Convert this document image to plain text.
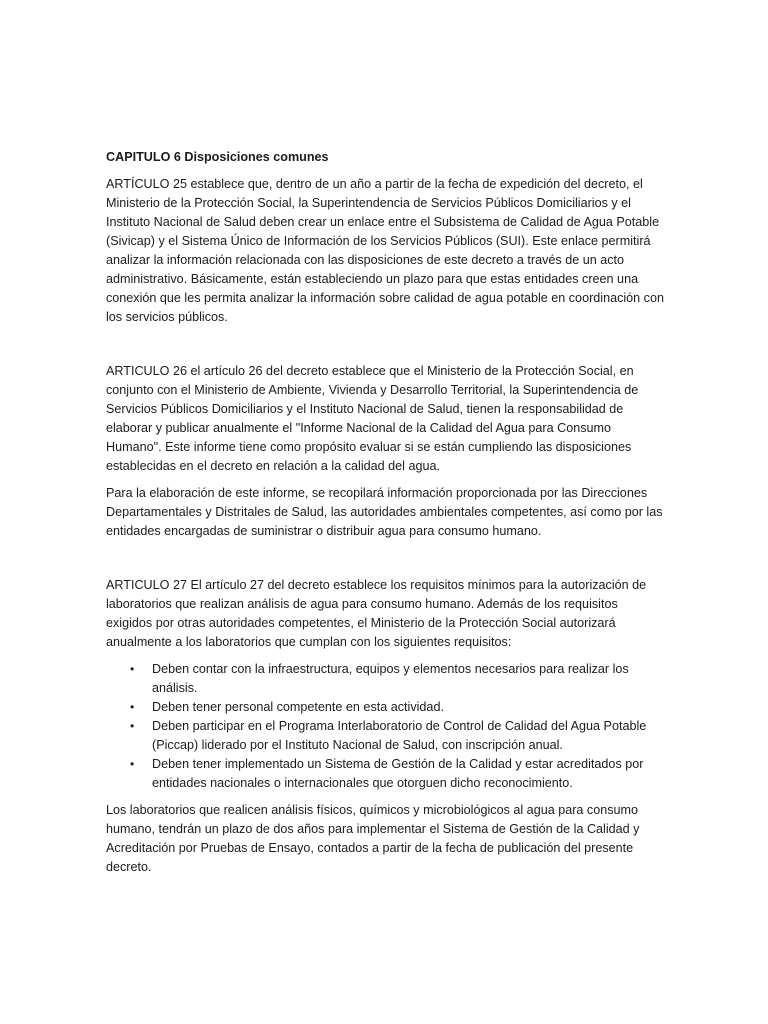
CAPITULO 6 Disposiciones comunes

ARTÍCULO 25 establece que, dentro de un año a partir de la fecha de expedición del decreto, el Ministerio de la Protección Social, la Superintendencia de Servicios Públicos Domiciliarios y el Instituto Nacional de Salud deben crear un enlace entre el Subsistema de Calidad de Agua Potable (Sivicap) y el Sistema Único de Información de los Servicios Públicos (SUI). Este enlace permitirá analizar la información relacionada con las disposiciones de este decreto a través de un acto administrativo. Básicamente, están estableciendo un plazo para que estas entidades creen una conexión que les permita analizar la información sobre calidad de agua potable en coordinación con los servicios públicos.

ARTICULO 26 el artículo 26 del decreto establece que el Ministerio de la Protección Social, en conjunto con el Ministerio de Ambiente, Vivienda y Desarrollo Territorial, la Superintendencia de Servicios Públicos Domiciliarios y el Instituto Nacional de Salud, tienen la responsabilidad de elaborar y publicar anualmente el "Informe Nacional de la Calidad del Agua para Consumo Humano". Este informe tiene como propósito evaluar si se están cumpliendo las disposiciones establecidas en el decreto en relación a la calidad del agua.

Para la elaboración de este informe, se recopilará información proporcionada por las Direcciones Departamentales y Distritales de Salud, las autoridades ambientales competentes, así como por las entidades encargadas de suministrar o distribuir agua para consumo humano.

ARTICULO 27 El artículo 27 del decreto establece los requisitos mínimos para la autorización de laboratorios que realizan análisis de agua para consumo humano. Además de los requisitos exigidos por otras autoridades competentes, el Ministerio de la Protección Social autorizará anualmente a los laboratorios que cumplan con los siguientes requisitos:

• Deben contar con la infraestructura, equipos y elementos necesarios para realizar los análisis.
• Deben tener personal competente en esta actividad.
• Deben participar en el Programa Interlaboratorio de Control de Calidad del Agua Potable (Piccap) liderado por el Instituto Nacional de Salud, con inscripción anual.
• Deben tener implementado un Sistema de Gestión de la Calidad y estar acreditados por entidades nacionales o internacionales que otorguen dicho reconocimiento.

Los laboratorios que realicen análisis físicos, químicos y microbiológicos al agua para consumo humano, tendrán un plazo de dos años para implementar el Sistema de Gestión de la Calidad y Acreditación por Pruebas de Ensayo, contados a partir de la fecha de publicación del presente decreto.
